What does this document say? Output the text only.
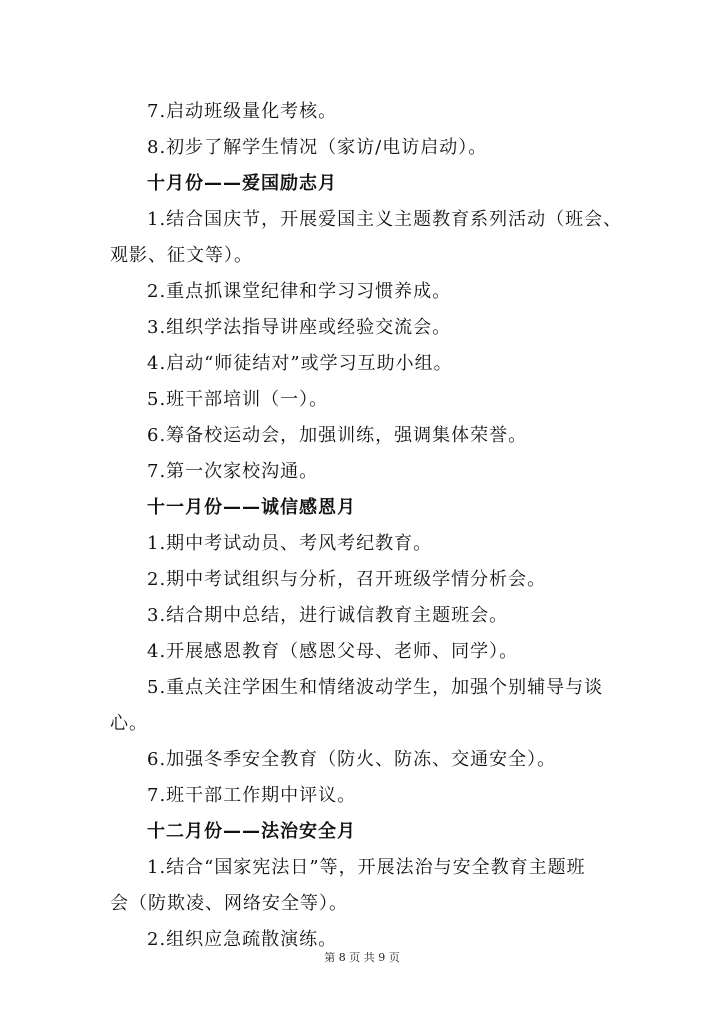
7.启动班级量化考核。
8.初步了解学生情况（家访/电访启动）。
十月份——爱国励志月
1.结合国庆节，开展爱国主义主题教育系列活动（班会、
观影、征文等）。
2.重点抓课堂纪律和学习习惯养成。
3.组织学法指导讲座或经验交流会。
4.启动“师徒结对”或学习互助小组。
5.班干部培训（一）。
6.筹备校运动会，加强训练，强调集体荣誉。
7.第一次家校沟通。
十一月份——诚信感恩月
1.期中考试动员、考风考纪教育。
2.期中考试组织与分析，召开班级学情分析会。
3.结合期中总结，进行诚信教育主题班会。
4.开展感恩教育（感恩父母、老师、同学）。
5.重点关注学困生和情绪波动学生，加强个别辅导与谈
心。
6.加强冬季安全教育（防火、防冻、交通安全）。
7.班干部工作期中评议。
十二月份——法治安全月
1.结合“国家宪法日”等，开展法治与安全教育主题班
会（防欺凌、网络安全等）。
2.组织应急疏散演练。
第 8 页 共 9 页
